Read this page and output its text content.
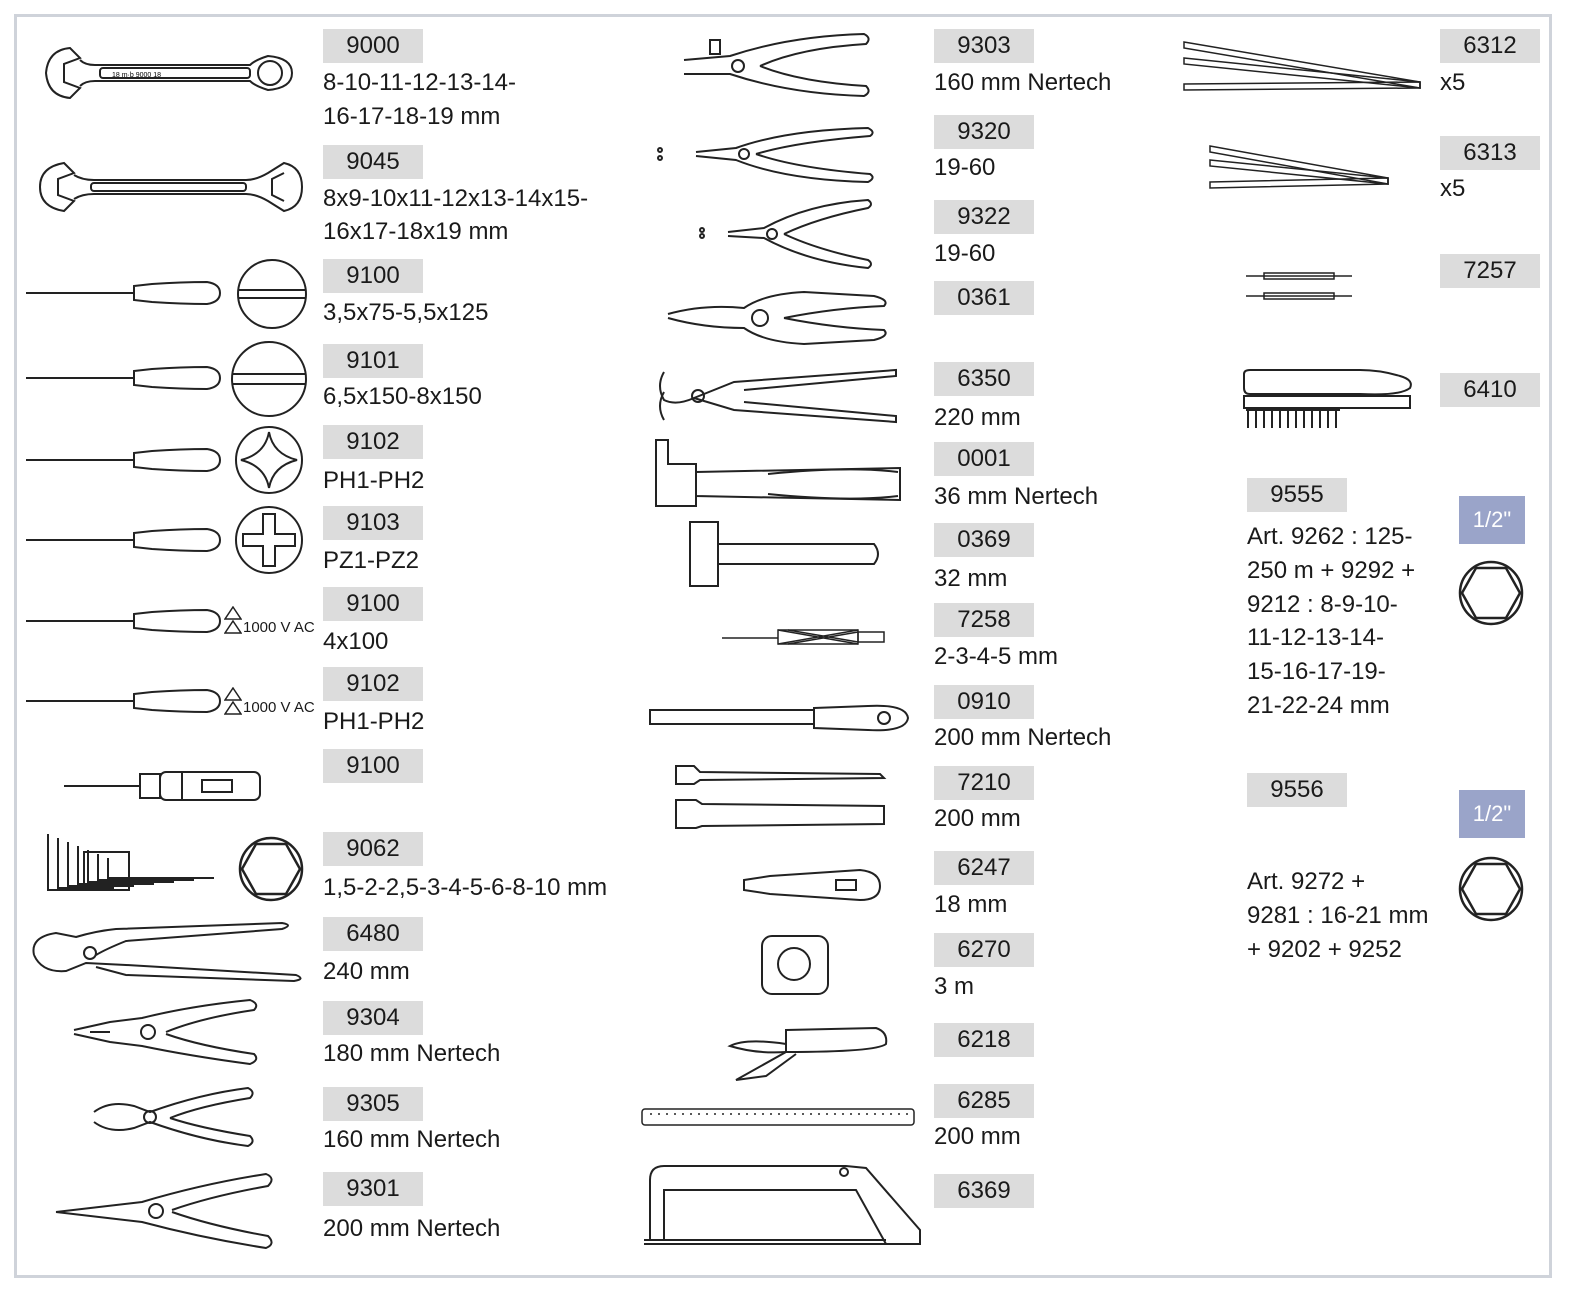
18 m·b 9000 18
9000
8-10-11-12-13-14-
16-17-18-19 mm
9045
8x9-10x11-12x13-14x15-
16x17-18x19 mm
9100
3,5x75-5,5x125
9101
6,5x150-8x150
9102
PH1-PH2
9103
PZ1-PZ2
1000 V AC
9100
4x100
1000 V AC
9102
PH1-PH2
9100
9062
1,5-2-2,5-3-4-5-6-8-10 mm
6480
240 mm
9304
180 mm Nertech
9305
160 mm Nertech
9301
200 mm Nertech
9303
160 mm Nertech
9320
19-60
9322
19-60
0361
6350
220 mm
0001
36 mm Nertech
0369
32 mm
7258
2-3-4-5 mm
0910
200 mm Nertech
7210
200 mm
6247
18 mm
6270
3 m
6218
6285
200 mm
6369
6312
x5
6313
x5
7257
6410
9555
Art. 9262 : 125-
250 m + 9292 +
9212 : 8-9-10-
11-12-13-14-
15-16-17-19-
21-22-24 mm
1/2"
9556
Art. 9272 +
9281 : 16-21 mm
+ 9202 + 9252
1/2"
